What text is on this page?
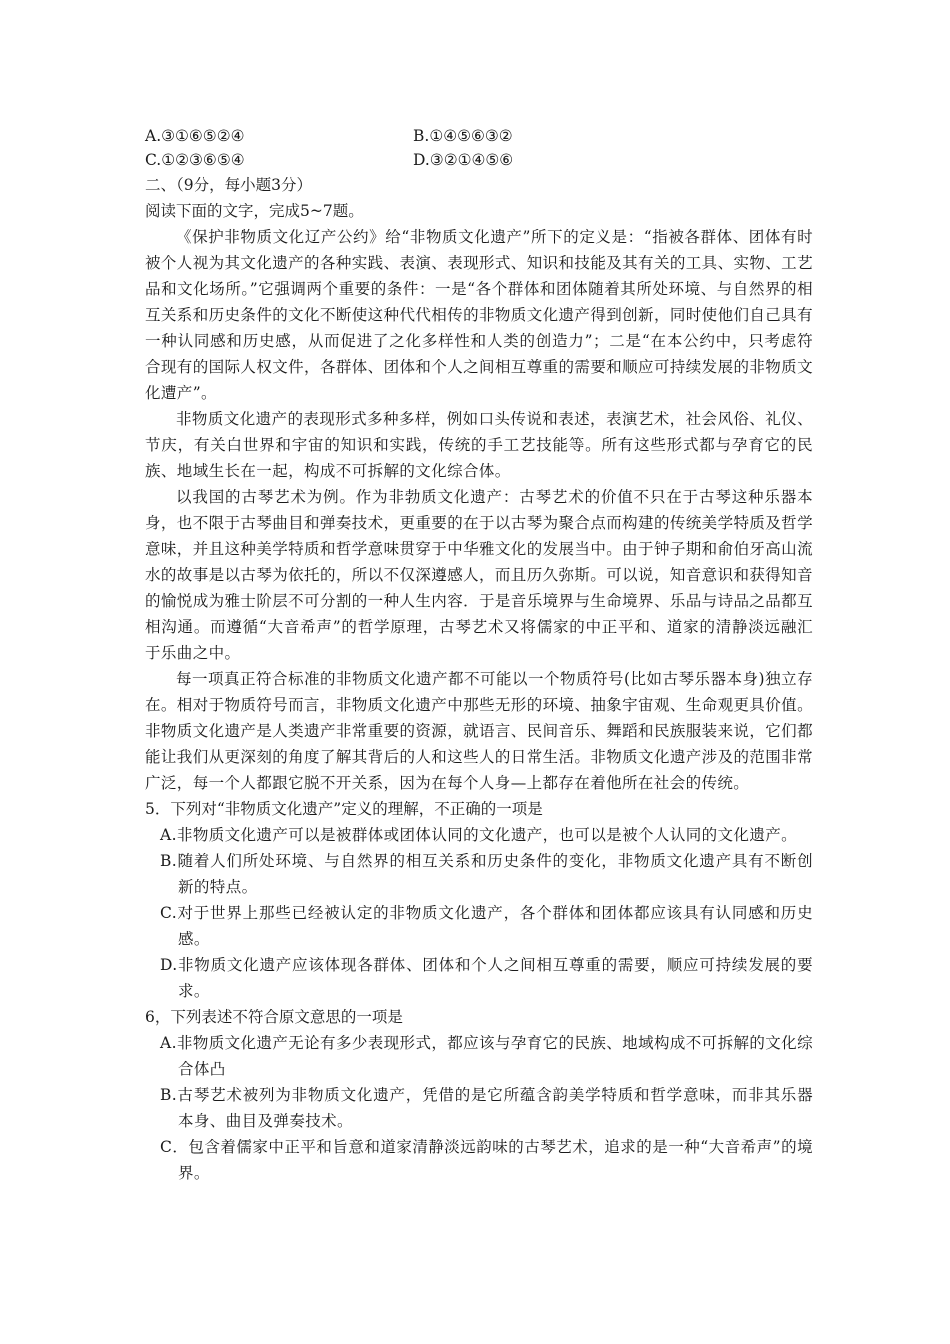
A.③①⑥⑤②④	B.①④⑤⑥③②
C.①②③⑥⑤④	D.③②①④⑤⑥
二、（9分，每小题3分）
阅读下面的文字，完成5~7题。
《保护非物质文化辽产公约》给“非物质文化遗产”所下的定义是：“指被各群体、团体有时被个人视为其文化遗产的各种实践、表演、表现形式、知识和技能及其有关的工具、实物、工艺品和文化场所。”它强调两个重要的条件：一是“各个群体和团体随着其所处环境、与自然界的相互关系和历史条件的文化不断使这种代代相传的非物质文化遗产得到创新，同时使他们自己具有一种认同感和历史感，从而促进了之化多样性和人类的创造力”；二是“在本公约中，只考虑符合现有的国际人权文件，各群体、团体和个人之间相互尊重的需要和顺应可持续发展的非物质文化遭产”。
非物质文化遗产的表现形式多种多样，例如口头传说和表述，表演艺术，社会风俗、礼仪、节庆，有关白世界和宇宙的知识和实践，传统的手工艺技能等。所有这些形式都与孕育它的民族、地域生长在一起，构成不可拆解的文化综合体。
以我国的古琴艺术为例。作为非勃质文化遗产：古琴艺术的价值不只在于古琴这种乐器本身，也不限于古琴曲目和弹奏技术，更重要的在于以古琴为聚合点而构建的传统美学特质及哲学意味，并且这种美学特质和哲学意味贯穿于中华雅文化的发展当中。由于钟子期和俞伯牙高山流水的故事是以古琴为依托的，所以不仅深遵感人，而且历久弥斯。可以说，知音意识和获得知音的愉悦成为雅士阶层不可分割的一种人生内容．于是音乐境界与生命境界、乐品与诗品之品都互相沟通。而遵循“大音希声”的哲学原理，古琴艺术又将儒家的中正平和、道家的清静淡远融汇于乐曲之中。
每一项真正符合标准的非物质文化遗产都不可能以一个物质符号(比如古琴乐器本身)独立存在。相对于物质符号而言，非物质文化遗产中那些无形的环境、抽象宇宙观、生命观更具价值。非物质文化遗产是人类遗产非常重要的资源，就语言、民间音乐、舞蹈和民族服装来说，它们都能让我们从更深刻的角度了解其背后的人和这些人的日常生活。非物质文化遗产涉及的范围非常广泛，每一个人都跟它脱不开关系，因为在每个人身—上都存在着他所在社会的传统。
5．下列对“非物质文化遗产”定义的理解，不正确的一项是
A.非物质文化遗产可以是被群体或团体认同的文化遗产，也可以是被个人认同的文化遗产。
B.随着人们所处环境、与自然界的相互关系和历史条件的变化，非物质文化遗产具有不断创新的特点。
C.对于世界上那些已经被认定的非物质文化遗产，各个群体和团体都应该具有认同感和历史感。
D.非物质文化遗产应该体现各群体、团体和个人之间相互尊重的需要，顺应可持续发展的要求。
6，下列表述不符合原文意思的一项是
A.非物质文化遗产无论有多少表现形式，都应该与孕育它的民族、地域构成不可拆解的文化综合体凸
B.古琴艺术被列为非物质文化遗产，凭借的是它所蕴含韵美学特质和哲学意味，而非其乐器本身、曲目及弹奏技术。
C．包含着儒家中正平和旨意和道家清静淡远韵味的古琴艺术，追求的是一种“大音希声”的境界。
